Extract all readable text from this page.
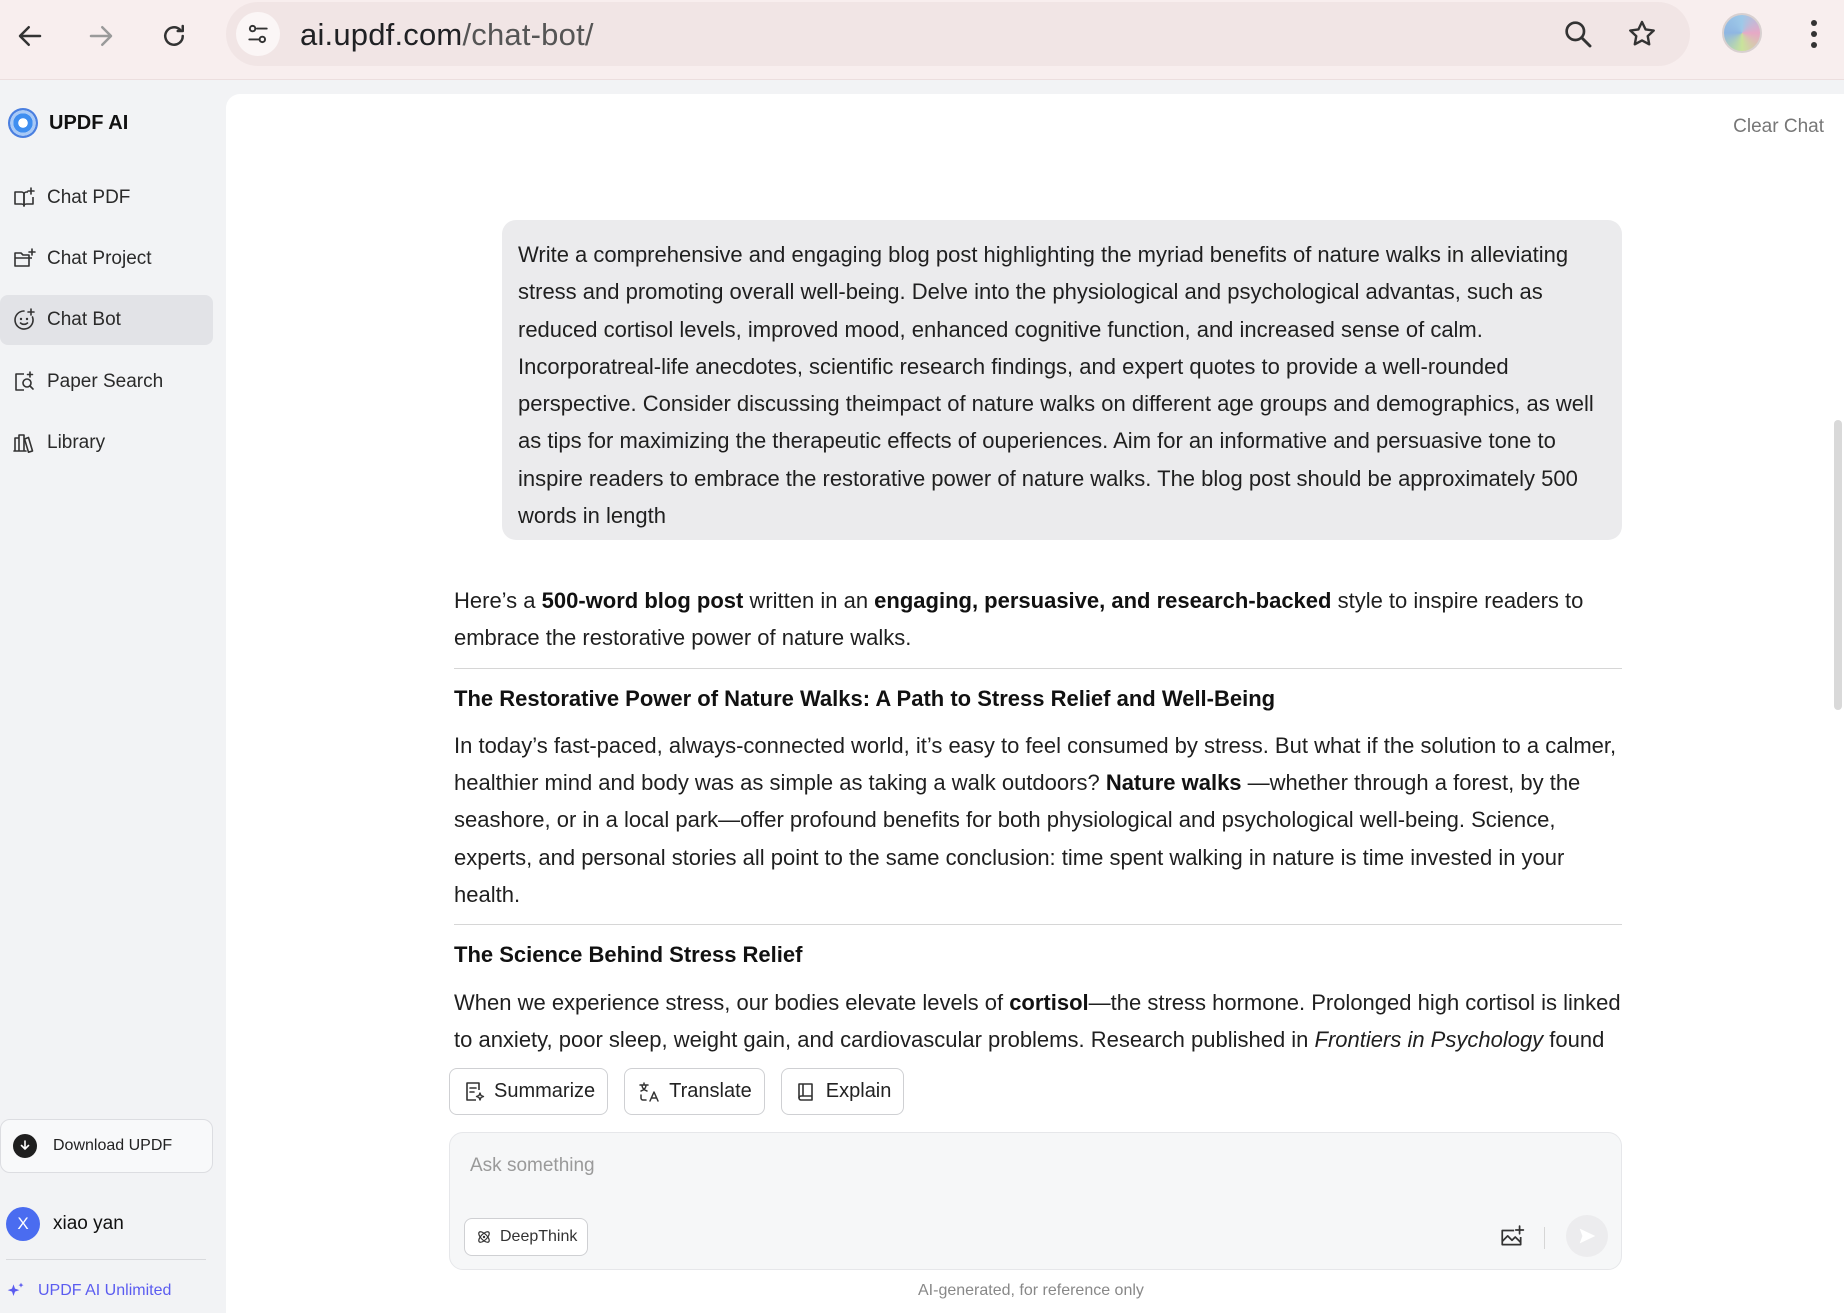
ai.updf.com/chat-bot/
UPDF AI
Chat PDF
Chat Project
Chat Bot
Paper Search
Library
Download UPDF
X	xiao yan
UPDF AI Unlimited
Clear Chat
Write a comprehensive and engaging blog post highlighting the myriad benefits of nature walks in alleviating stress and promoting overall well-being. Delve into the physiological and psychological advantas, such as reduced cortisol levels, improved mood, enhanced cognitive function, and increased sense of calm. Incorporatreal-life anecdotes, scientific research findings, and expert quotes to provide a well-rounded perspective. Consider discussing theimpact of nature walks on different age groups and demographics, as well as tips for maximizing the therapeutic effects of ouperiences. Aim for an informative and persuasive tone to inspire readers to embrace the restorative power of nature walks. The blog post should be approximately 500 words in length

Here’s a 500-word blog post written in an engaging, persuasive, and research-backed style to inspire readers to embrace the restorative power of nature walks.

The Restorative Power of Nature Walks: A Path to Stress Relief and Well-Being

In today’s fast-paced, always-connected world, it’s easy to feel consumed by stress. But what if the solution to a calmer, healthier mind and body was as simple as taking a walk outdoors? Nature walks —whether through a forest, by the seashore, or in a local park—offer profound benefits for both physiological and psychological well-being. Science, experts, and personal stories all point to the same conclusion: time spent walking in nature is time invested in your health.

The Science Behind Stress Relief

When we experience stress, our bodies elevate levels of cortisol—the stress hormone. Prolonged high cortisol is linked to anxiety, poor sleep, weight gain, and cardiovascular problems. Research published in Frontiers in Psychology found

Summarize	Translate	Explain
Ask something
DeepThink
AI-generated, for reference only
